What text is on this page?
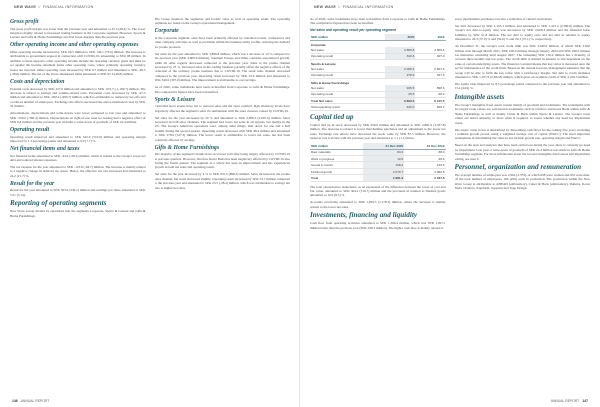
NEW WAVE // FINANCIAL INFORMATION
Gross profit

The gross profit margin was lower than the previous year and amounted to 45.5 (48.4) %. The lower margin is mainly related to increased trading business in the Corporate segment. However, Sports & Leisure and Gifts & Home Furnishings also had lower margins than the previous year.

Other operating income and other operating expenses

Other operating income increased by SEK 66.5 million to SEK 146.1 (79.6) million. The increase is attributable to government support in connection with COVID-19, amounting to SEK 98 million. In addition to these supports, other operating income include the operating currency gains and must be set against the income statement items other operating costs, where primarily operating currency losses are reported. Other operating costs increased by SEK 9.7 million and amounted to SEK -48.5 (-38.8) million. The net of the above-mentioned items amounted to SEK 97.6 (40.8) million.

Costs and depreciation

External costs decreased by SEK 227.0 million and amounted to SEK -972.7 (-1,199.7) million. The decrease is related to savings and volume-related costs. Personnel costs decreased by SEK -97.3 million and amounted to SEK -902.4 (-999.7) million, which is attributable to temporary lay-offs and a reduced number of employees. Exchange rate effects decreased the above-mentioned costs by SEK 32 million.

Amortisations, depreciations and write-downs were lower compared to last year and amounted to SEK -359.0 (-366.4) million. Depreciations on right-of-use asset for leasing had a negative effect of SEK 6.8 million and the previous year includes a write-down of goodwill of SEK 22.4 million.

Operating result

Operating result improved and amounted to SEK 545.9 (510.0) million and operating margin improved by 1.3 percentage points and amounted to 9.0 (7.7) %.

Net financial items and taxes

Net financial items amounted to SEK -44.9 (-68.2) million, which is related to the Group's lower net debt and reduced interest expenses.

The tax expense for the year amounted to SEK -123.8 (-94.7) million. The increase is mainly related to a negative change in deferred tax assets. Hence, the effective tax rate increased and amounted to 24.2 (21.7) %.

Result for the year

Result for the year amounted to SEK 363.0 (339.1) million and earnings per share amounted to SEK 5.51 (5.14).

Reporting of operating segments

New Wave Group divides its operations into the segments Corporate, Sports & Leisure and Gifts & Home Furnishings.

The Group monitors the segments' and brands' sales as well as operating result. The operating segments are based on the Group's operational management.

Corporate

In the Corporate segment, sales have been primarily affected by cancelled events, conferences and other company activities as well as problems within the business entity profile, reducing the demand for promo products.

Net sales for the year amounted to SEK 3,886.8 million, which was a decrease of 19 % compared to the previous year (SEK 4,809.6 million). Southern Europe and Other countries experienced growth, while all other regions decreased compared to the previous year. Sales to the promo channel decreased by 25 %. Increased sales in the trading business partially offset the negative effects of the reduction of the ordinary promo business due to COVID-19. The retail sales channel decreased compared to the previous year. Operating result increased by SEK 33.6 million and amounted to SEK 340.6 (307.0) million. The improvement is attributable to cost savings.

As of 2020, some trademarks have been reclassified from Corporate to Gifts & Home Furnishings. The comparative figures have been reclassified.

Sports & Leisure

Cancelled sport events have led to reduced sales and the sport retailers' high inventory levels have negatively affected the segment's sales in combination with the store closures caused by COVID-19.

Net sales for the year decreased by 20 % and amounted to SEK 2,068.3 (2,607.6) million. Sales decreased in both sales channels. The segment had lower net sales in all regions, but mainly in the US. The Group's American operations were, among other things, shut down for one and a half months during the second quarter. Operating result decreased with SEK 48.4 million and amounted to SEK 278.9 (327.3) million. The lower result is attributable to lower net sales, but has been positively affected by savings.

Gifts & Home Furnishings

The majority of the segment's brands have recovered well after being largely affected by COVID-19 in previous quarters. However, Orrefors Kosta Boda has been negatively affected by COVID-19 also during the fourth quarter. The segment as a whole has seen an improvement and has experienced growth in both net sales and operating result.

Net sales for the year increased by 4 % to SEK 935.5 (898.3) million. Sales increased in the promo sales channel, but retail decreased slightly. Operating result increased by SEK 53.7 million compared to the previous year and amounted to SEK 25.5 (-28.2) million, which was attributable to savings but also to higher net sales.

146 ANNUAL REPORT
NEW WAVE // FINANCIAL INFORMATION

As of 2020, some trademarks have been reclassified from Corporate to Gifts & Home Furnishings. The comparative figures have been reclassified.

Net sales and operating result per operating segment
SEK million	2020	2019
Corporate		
Net sales	3 886.8	4 809.6
Operating result	340.6	307.0
Sports & Leisure		
Net sales	2 068.3	2 607.6
Operating result	278.9	327.3
Gifts & Home Furnishings		
Net sales	935.5	898.3
Operating result	25.5	-28.2
Total Net sales	6 890.6	8 315.5
Total operating result	645.0	606.1
Capital tied up

Capital tied up in stock decreased by SEK 459.9 million and amounted to SEK 2,881.9 (3,337.8) million. The decrease is related to lower merchandise purchases and an adjustment to the lower net sales. Exchange rate effects have decreased the stock value by SEK 87.5 million. However, the turnover rate is in line with the previous year and amounted to 1.1 (1.1) times.

SEK million	31 Dec 2020	31 Dec 2019
Raw materials	84.0	88.0
Work in progress	10.0	28.6
Goods in transit	108.2	120.6
Finished goods	2 679.7	3 080.5
Total	2 881.9	3 337.8

The total obsolescence deductions, as an expression of the difference between the lower of cost and fair value, amounted to SEK 364.2 (310.7) million and the provision in relation to finished goods amounted to 10.9 (8.5) %.

Accounts receivable amounted to SEK 1,059.3 (1,178.3) million, where the decrease is mainly related to the lower net sales.

Investments, financing and liquidity

Cash flow from operating activities amounted to SEK 1,396.4 million, which was SEK 1,097.1 million better than the previous year (SEK 299.3 million). The higher cash flow is mainly related to

lower merchandise purchases, but also a reduction of current receivables.

Net debt decreased by SEK 1,165.3 million, and amounted to SEK 1,415.4 (2,580.6) million. The Group's net debt-to-equity ratio was decreased by SEK 2,000.3 million and the financial lease liabilities by SEK 61.8 million. The net debt to equity ratio and net debt in relation to equity amounted to 29.3 (57.0) % and (59.6) % and 29.3 (57.1) %, respectively.

On December 31, the Group's total credit limit was SEK 3,940.0 million, of which SEK 3,650 million runs through March 2021, SEK 100.0 million through January 2024 and SEK 290.0 million has maturities extending until August 2027. The remaining SEK 150.0 million has a maturity of between three months and ten years. The credit limit is limited in amount to and dependent on the value of certain underlying assets. The financial covenant means that key ratios is measured once the net for maintenance of the credit limit. Based on the current forecast, management estimates that the Group will be able to fulfil the key ratios with a satisfactory margin. Net debt to credit institutes amounted to SEK 1,107.9 (2,382.8) million, which gives an available credit of SEK 2,259.5 million.

The equity ratio improved by 8.5 percentage points compared to the previous year and amounted to 53.4 (44.9) %.

Intangible assets

The Group's intangible fixed assets consist mainly of goodwill and trademarks. The trademarks with the largest book values are well-known trademarks such as Orrefors and Kosta Boda within Gifts & Home Furnishings as well as mainly Cutter & Buck within Sports & Leisure. The Group's book values are tested annually, or more often if required, to assess whether any need for impairment exists.

The assets' value in use is determined by discounting cash flows for the coming five years, including a terminal growth period, using a weighted average cost of capital (WACC). The most important assumptions in determining the value in use include growth rate, operating margin and WACC.

Based on the tests and analyses that have been carried out during the year, there is currently no need for impairment. Last year, a write-down of goodwill of SEK 22.4 million was made in Gifts & Home Furnishings segment. For more information about the Group's intangible fixed assets and impairment testing, see note 9.

Personnel, organization and remuneration

The average number of employees was 2,964 (3,379), of which 698 were women and 935 were men. Of the total number of employees, 166 (200) work in production. The production within the New Wave Group is attributable to AHEAD (embroidery), Cutter & Buck (embroidery), Dahetra, Kosta Boda, Orrefors, Sagaform, Toppoint and Topp Design.

ANNUAL REPORT 147
